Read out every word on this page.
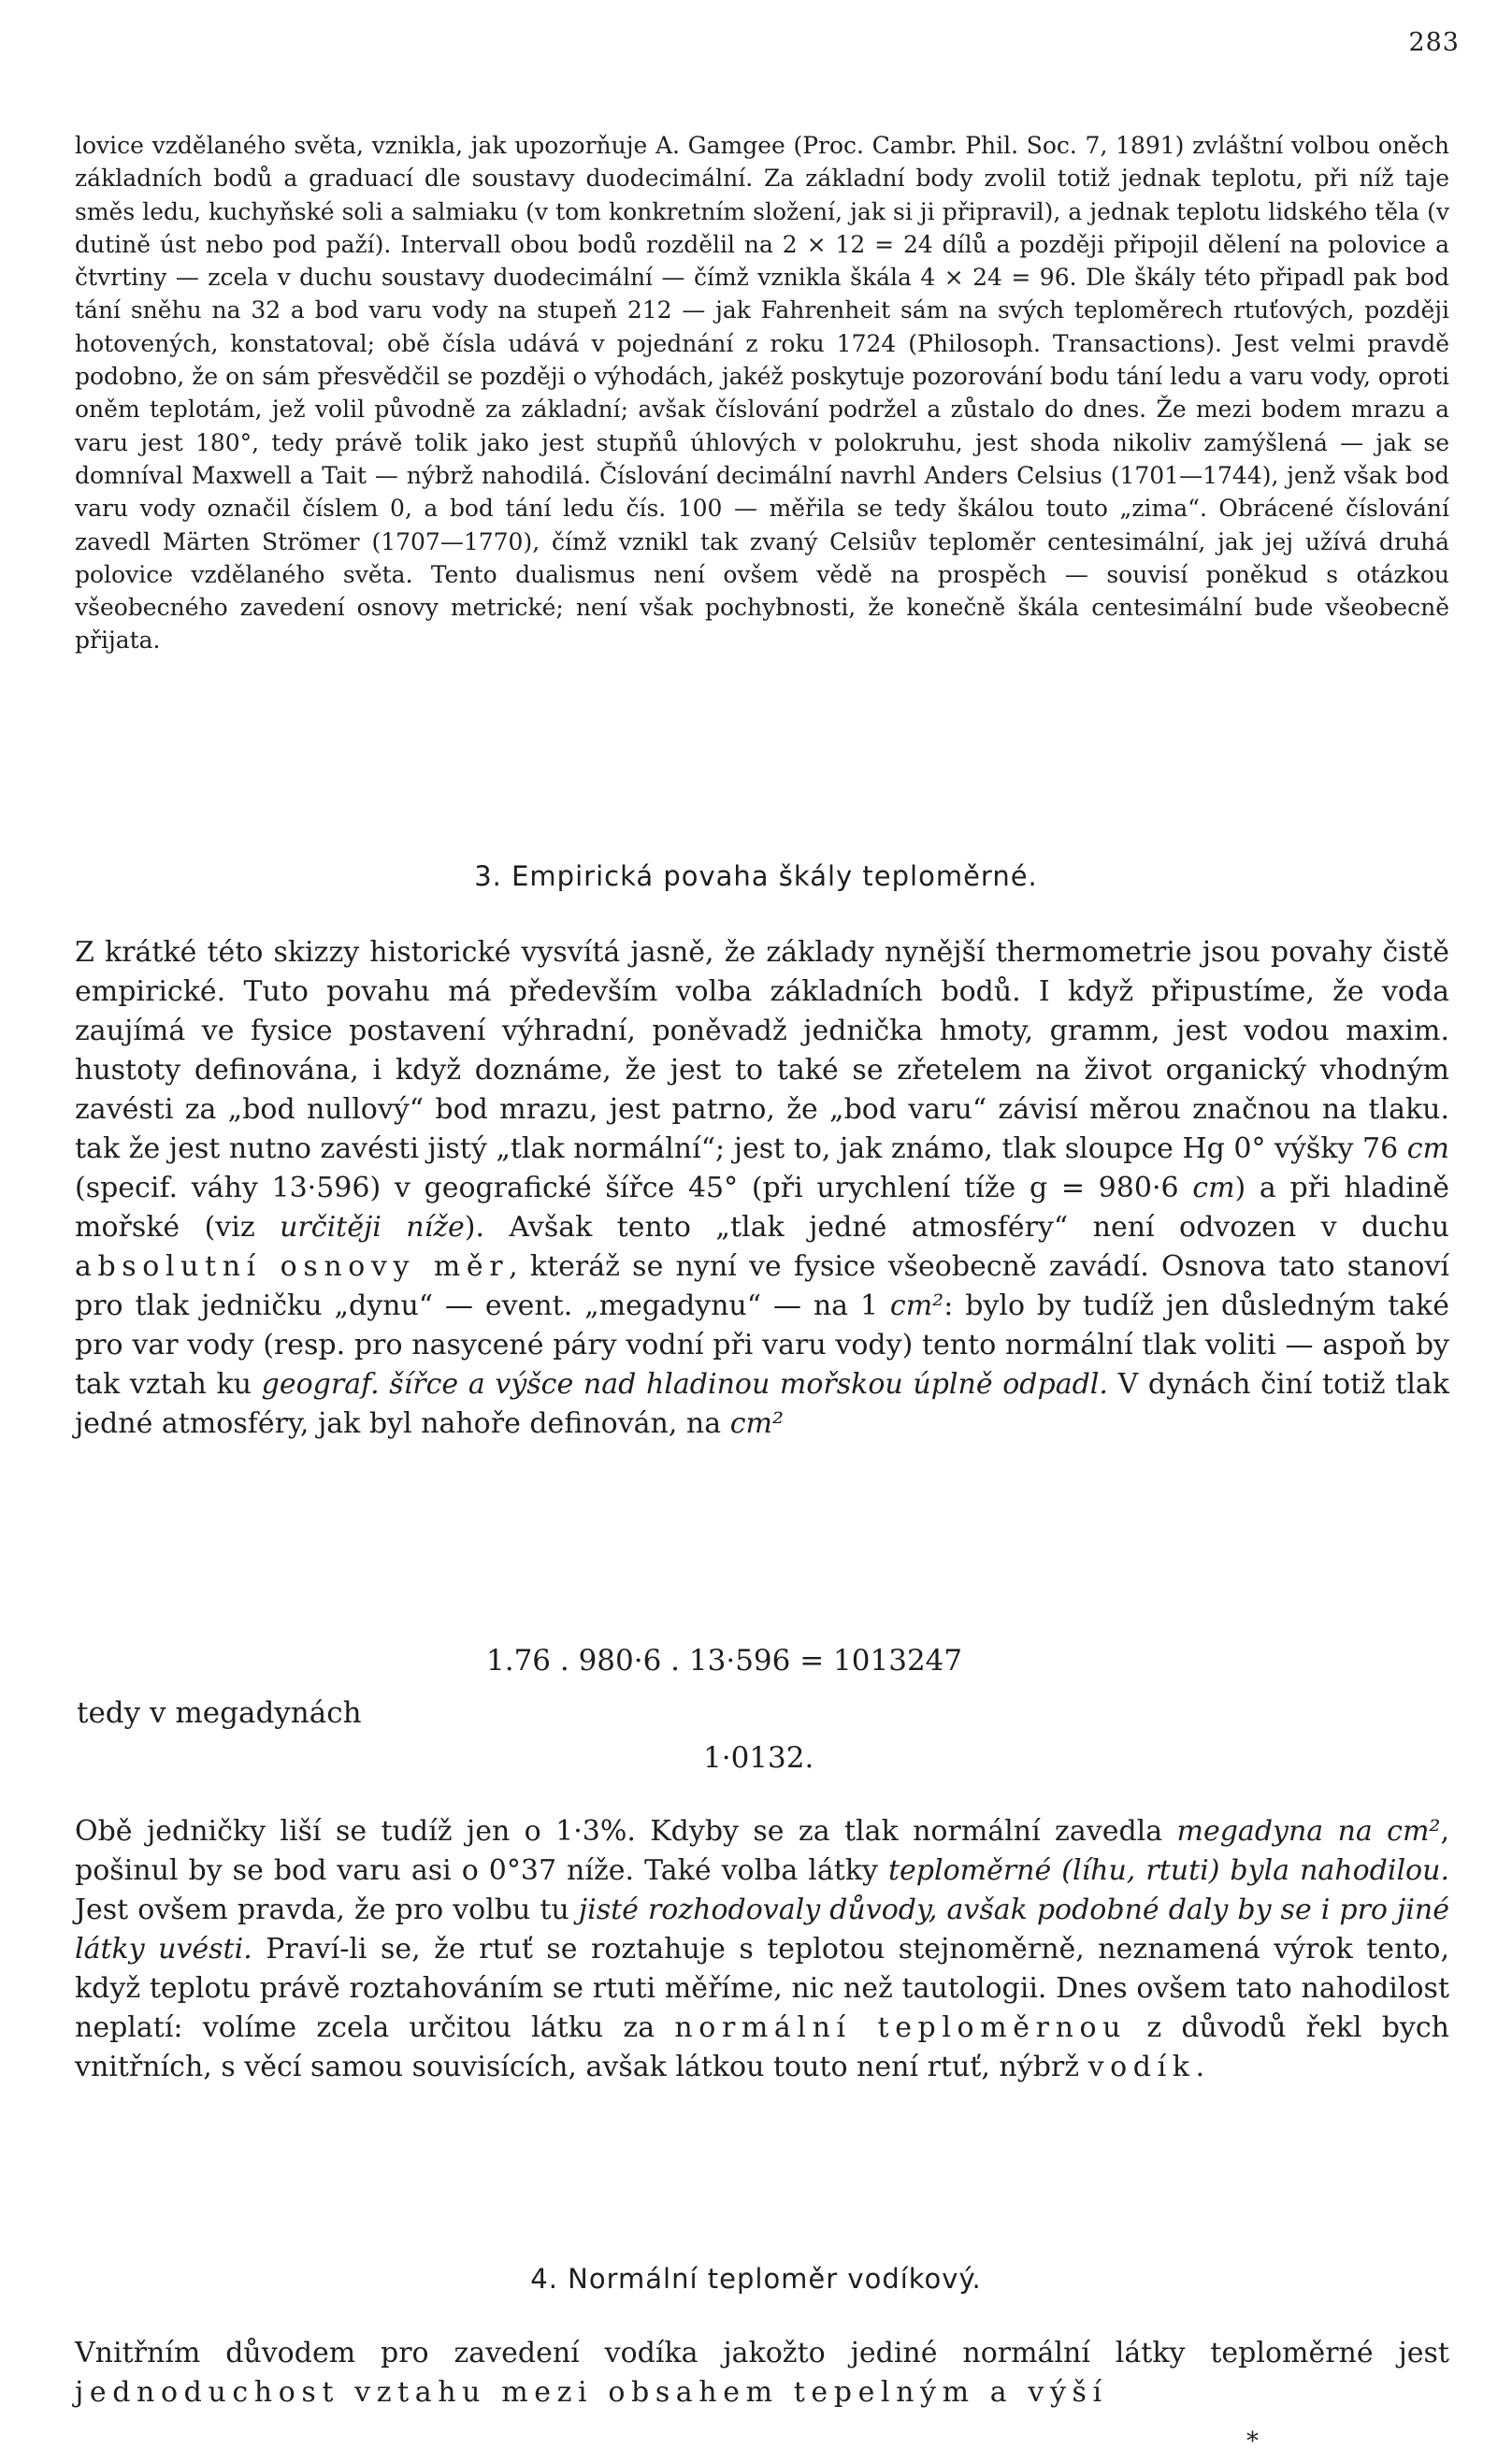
283
lovice vzdělaného světa, vznikla, jak upozorňuje A. Gamgee (Proc. Cambr. Phil. Soc. 7, 1891) zvláštní volbou oněch základních bodů a graduací dle soustavy duodecimální. Za základní body zvolil totiž jednak teplotu, při níž taje směs ledu, kuchyňské soli a salmiaku (v tom konkretním složení, jak si ji připravil), a jednak teplotu lidského těla (v dutině úst nebo pod paží). Intervall obou bodů rozdělil na 2 × 12 = 24 dílů a později připojil dělení na polovice a čtvrtiny — zcela v duchu soustavy duodecimální — čímž vznikla škála 4 × 24 = 96. Dle škály této připadl pak bod tání sněhu na 32 a bod varu vody na stupeň 212 — jak Fahrenheit sám na svých teploměrech rtuťových, později hotovených, konstatoval; obě čísla udává v pojednání z roku 1724 (Philosoph. Transactions). Jest velmi pravdě podobno, že on sám přesvědčil se později o výhodách, jakéž poskytuje pozorování bodu tání ledu a varu vody, oproti oněm teplotám, jež volil původně za základní; avšak číslování podržel a zůstalo do dnes. Že mezi bodem mrazu a varu jest 180°, tedy právě tolik jako jest stupňů úhlových v polokruhu, jest shoda nikoliv zamýšlená — jak se domníval Maxwell a Tait — nýbrž nahodilá. Číslování decimální navrhl Anders Celsius (1701—1744), jenž však bod varu vody označil číslem 0, a bod tání ledu čís. 100 — měřila se tedy škálou touto „zima“. Obrácené číslování zavedl Märten Strömer (1707—1770), čímž vznikl tak zvaný Celsiův teploměr centesimální, jak jej užívá druhá polovice vzdělaného světa. Tento dualismus není ovšem vědě na prospěch — souvisí poněkud s otázkou všeobecného zavedení osnovy metrické; není však pochybnosti, že konečně škála centesimální bude všeobecně přijata.
3. Empirická povaha škály teploměrné.
Z krátké této skizzy historické vysvítá jasně, že základy nynější thermometrie jsou povahy čistě empirické. Tuto povahu má především volba základních bodů. I když připustíme, že voda zaujímá ve fysice postavení výhradní, poněvadž jednička hmoty, gramm, jest vodou maxim. hustoty definována, i když doznáme, že jest to také se zřetelem na život organický vhodným zavésti za „bod nullový“ bod mrazu, jest patrno, že „bod varu“ závisí měrou značnou na tlaku. tak že jest nutno zavésti jistý „tlak normální“; jest to, jak známo, tlak sloupce Hg 0° výšky 76 cm (specif. váhy 13·596) v geografické šířce 45° (při urychlení tíže g = 980·6 cm) a při hladině mořské (viz určitěji níže). Avšak tento „tlak jedné atmosféry“ není odvozen v duchu absolutní osnovy měr, kteráž se nyní ve fysice všeobecně zavádí. Osnova tato stanoví pro tlak jedničku „dynu“ — event. „megadynu“ — na 1 cm²: bylo by tudíž jen důsledným také pro var vody (resp. pro nasycené páry vodní při varu vody) tento normální tlak voliti — aspoň by tak vztah ku geograf. šířce a výšce nad hladinou mořskou úplně odpadl. V dynách činí totiž tlak jedné atmosféry, jak byl nahoře definován, na cm²
1.76 . 980·6 . 13·596 = 1013247
tedy v megadynách
1·0132.
Obě jedničky liší se tudíž jen o 1·3%. Kdyby se za tlak normální zavedla megadyna na cm², pošinul by se bod varu asi o 0°37 níže. Také volba látky teploměrné (líhu, rtuti) byla nahodilou. Jest ovšem pravda, že pro volbu tu jisté rozhodovaly důvody, avšak podobné daly by se i pro jiné látky uvésti. Praví-li se, že rtuť se roztahuje s teplotou stejnoměrně, neznamená výrok tento, když teplotu právě roztahováním se rtuti měříme, nic než tautologii. Dnes ovšem tato nahodilost neplatí: volíme zcela určitou látku za normální teploměrnou z důvodů řekl bych vnitřních, s věcí samou souvisících, avšak látkou touto není rtuť, nýbrž vodík.
4. Normální teploměr vodíkový.
Vnitřním důvodem pro zavedení vodíka jakožto jediné normální látky teploměrné jest jednoduchost vztahu mezi obsahem tepelným a výší
*
